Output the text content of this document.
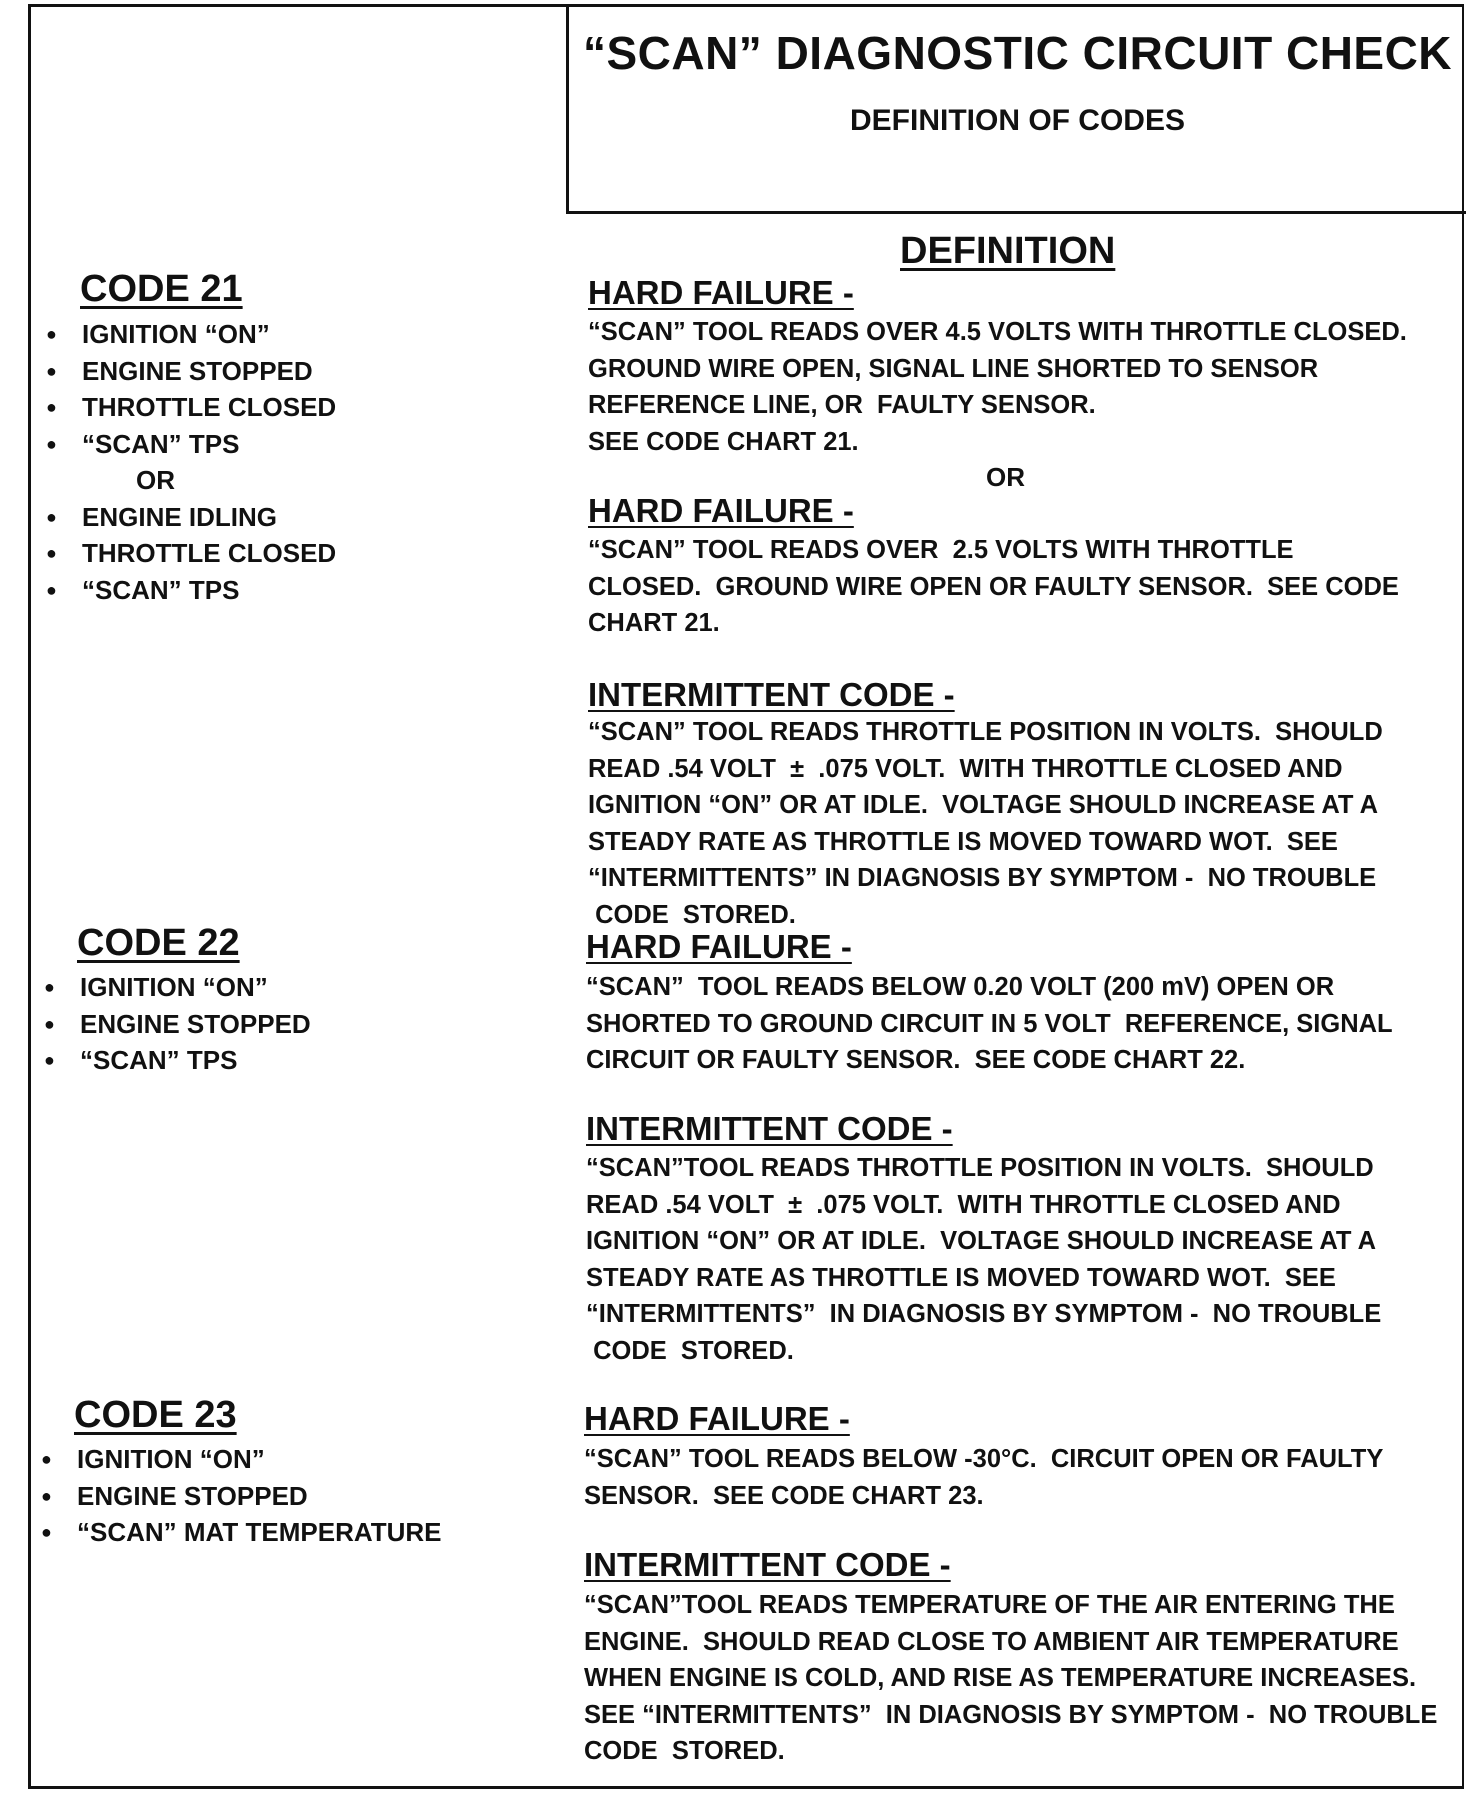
“SCAN” DIAGNOSTIC CIRCUIT CHECK
DEFINITION OF CODES
DEFINITION
CODE 21
● IGNITION “ON”
● ENGINE STOPPED
● THROTTLE CLOSED
● “SCAN” TPS
OR
● ENGINE IDLING
● THROTTLE CLOSED
● “SCAN” TPS
HARD FAILURE -
“SCAN” TOOL READS OVER 4.5 VOLTS WITH THROTTLE CLOSED.
GROUND WIRE OPEN, SIGNAL LINE SHORTED TO SENSOR
REFERENCE LINE, OR  FAULTY SENSOR.
SEE CODE CHART 21.
OR
HARD FAILURE -
“SCAN” TOOL READS OVER  2.5 VOLTS WITH THROTTLE
CLOSED.  GROUND WIRE OPEN OR FAULTY SENSOR.  SEE CODE
CHART 21.
INTERMITTENT CODE -
“SCAN” TOOL READS THROTTLE POSITION IN VOLTS.  SHOULD
READ .54 VOLT  ±  .075 VOLT.  WITH THROTTLE CLOSED AND
IGNITION “ON” OR AT IDLE.  VOLTAGE SHOULD INCREASE AT A
STEADY RATE AS THROTTLE IS MOVED TOWARD WOT.  SEE
“INTERMITTENTS” IN DIAGNOSIS BY SYMPTOM -  NO TROUBLE
CODE  STORED.
CODE 22
● IGNITION “ON”
● ENGINE STOPPED
● “SCAN” TPS
HARD FAILURE -
“SCAN”  TOOL READS BELOW 0.20 VOLT (200 mV) OPEN OR
SHORTED TO GROUND CIRCUIT IN 5 VOLT  REFERENCE, SIGNAL
CIRCUIT OR FAULTY SENSOR.  SEE CODE CHART 22.
INTERMITTENT CODE -
“SCAN”TOOL READS THROTTLE POSITION IN VOLTS.  SHOULD
READ .54 VOLT  ±  .075 VOLT.  WITH THROTTLE CLOSED AND
IGNITION “ON” OR AT IDLE.  VOLTAGE SHOULD INCREASE AT A
STEADY RATE AS THROTTLE IS MOVED TOWARD WOT.  SEE
“INTERMITTENTS”  IN DIAGNOSIS BY SYMPTOM -  NO TROUBLE
CODE  STORED.
CODE 23
● IGNITION “ON”
● ENGINE STOPPED
● “SCAN” MAT TEMPERATURE
HARD FAILURE -
“SCAN” TOOL READS BELOW -30°C.  CIRCUIT OPEN OR FAULTY
SENSOR.  SEE CODE CHART 23.
INTERMITTENT CODE -
“SCAN”TOOL READS TEMPERATURE OF THE AIR ENTERING THE
ENGINE.  SHOULD READ CLOSE TO AMBIENT AIR TEMPERATURE
WHEN ENGINE IS COLD, AND RISE AS TEMPERATURE INCREASES.
SEE “INTERMITTENTS”  IN DIAGNOSIS BY SYMPTOM -  NO TROUBLE
CODE  STORED.
